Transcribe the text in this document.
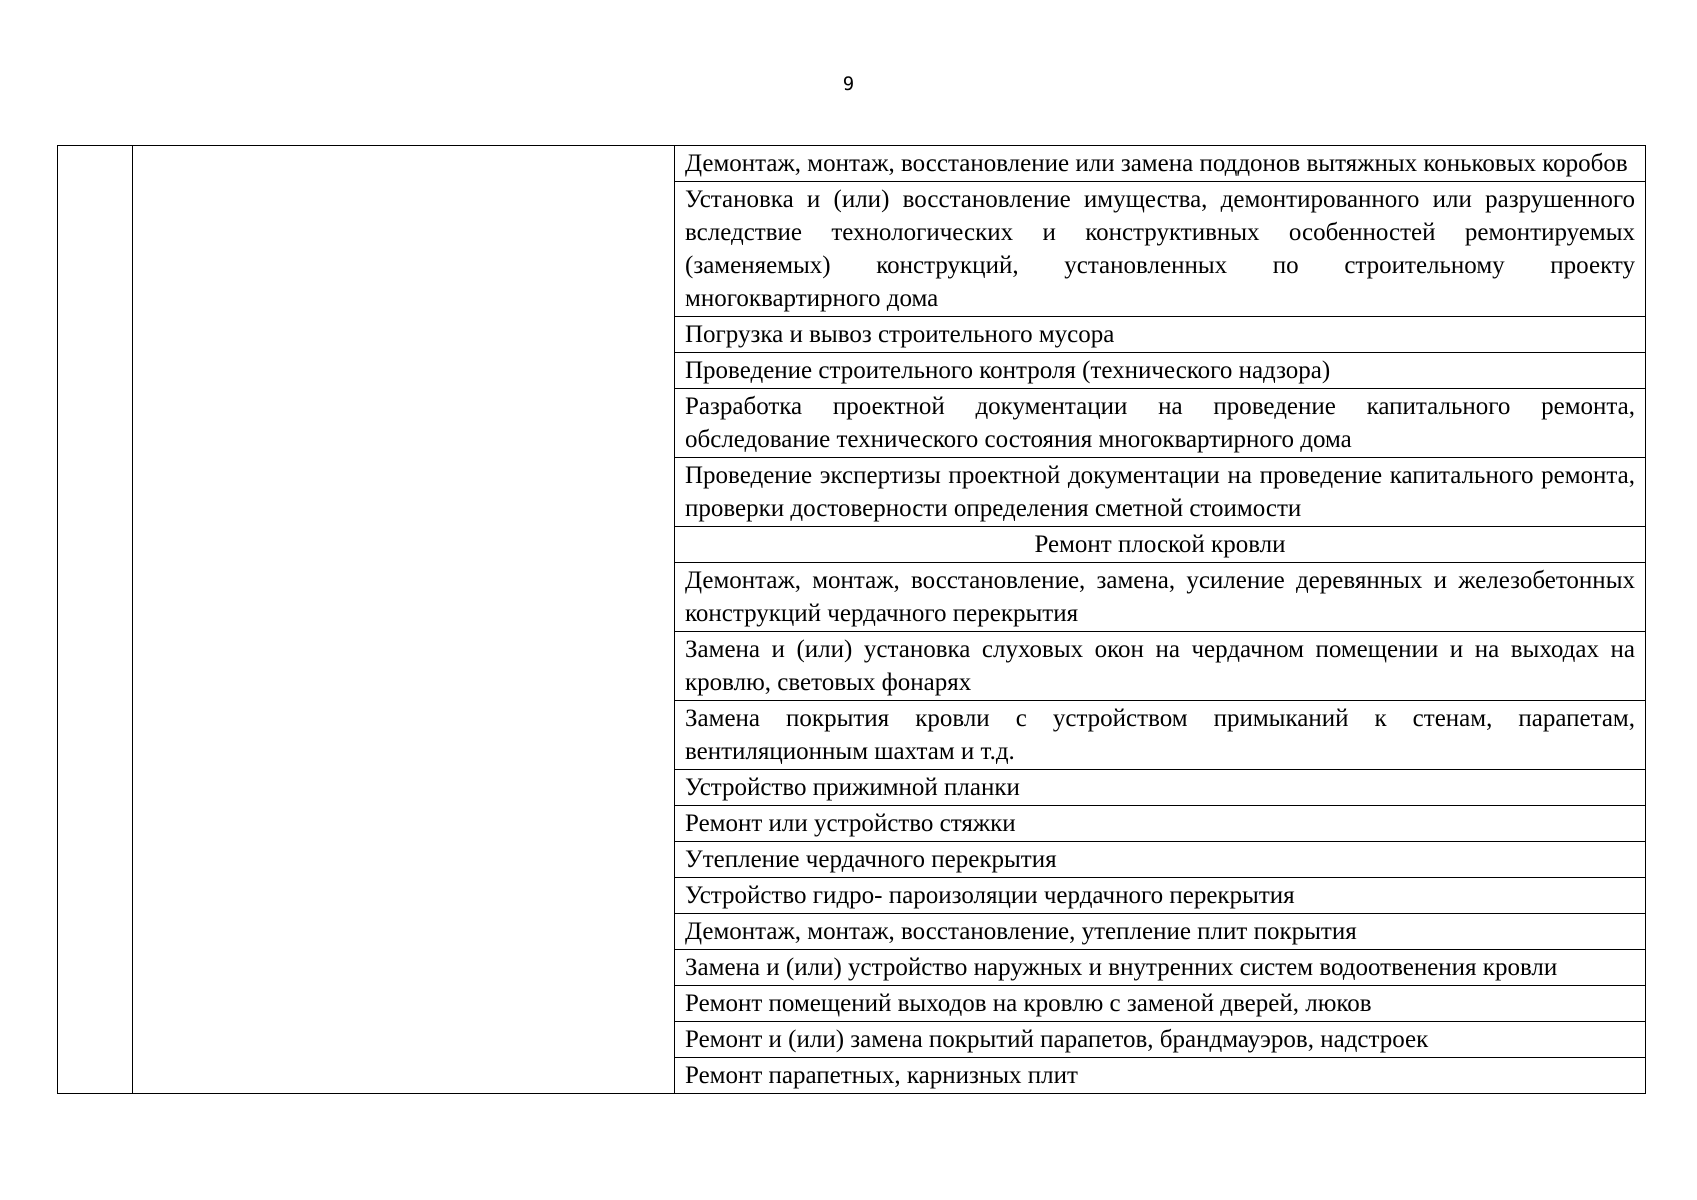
9
		Демонтаж, монтаж, восстановление или замена поддонов вытяжных коньковых коробов
Установка и (или) восстановление имущества, демонтированного или разрушенного вследствие технологических и конструктивных особенностей ремонтируемых (заменяемых) конструкций, установленных по строительному проекту многоквартирного дома
Погрузка и вывоз строительного мусора
Проведение строительного контроля (технического надзора)
Разработка проектной документации на проведение капитального ремонта, обследование технического состояния многоквартирного дома
Проведение экспертизы проектной документации на проведение капитального ремонта, проверки достоверности определения сметной стоимости
Ремонт плоской кровли
Демонтаж, монтаж, восстановление, замена, усиление деревянных и железобетонных конструкций чердачного перекрытия
Замена и (или) установка слуховых окон на чердачном помещении и на выходах на кровлю, световых фонарях
Замена покрытия кровли с устройством примыканий к стенам, парапетам, вентиляционным шахтам и т.д.
Устройство прижимной планки
Ремонт или устройство стяжки
Утепление чердачного перекрытия
Устройство гидро- пароизоляции чердачного перекрытия
Демонтаж, монтаж, восстановление, утепление плит покрытия
Замена и (или) устройство наружных и внутренних систем водоотвенения кровли
Ремонт помещений выходов на кровлю с заменой дверей, люков
Ремонт и (или) замена покрытий парапетов, брандмауэров, надстроек
Ремонт парапетных, карнизных плит
